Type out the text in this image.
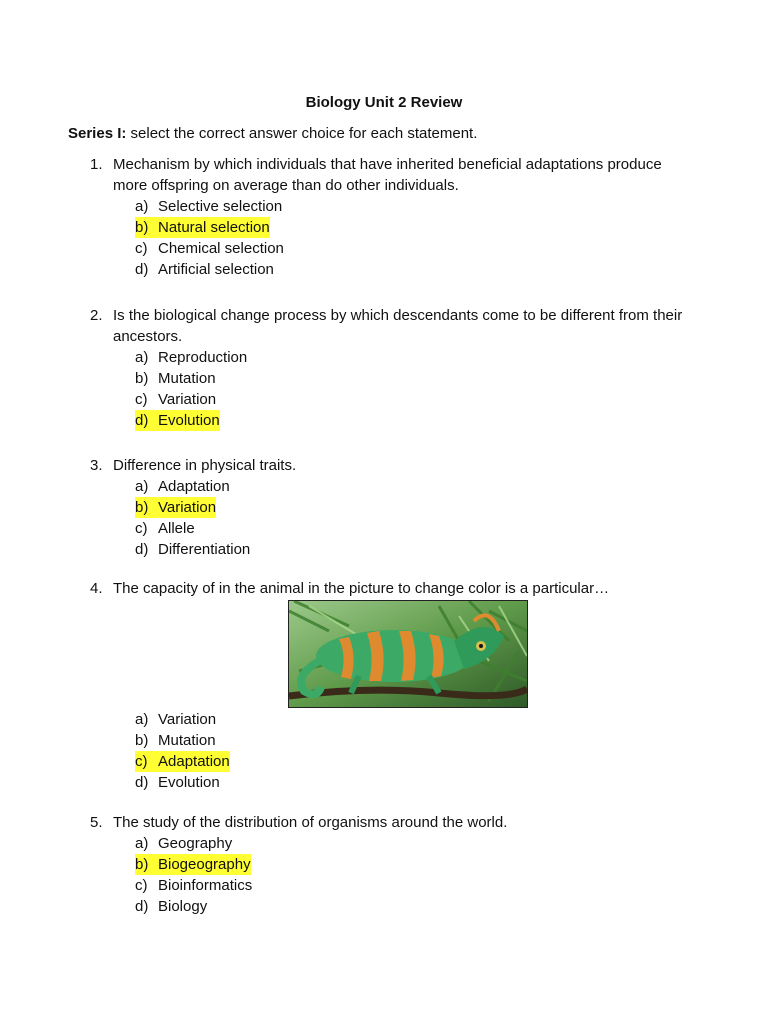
Biology Unit 2 Review
Series I: select the correct answer choice for each statement.
1. Mechanism by which individuals that have inherited beneficial adaptations produce more offspring on average than do other individuals.
a) Selective selection
b) Natural selection
c) Chemical selection
d) Artificial selection
2. Is the biological change process by which descendants come to be different from their ancestors.
a) Reproduction
b) Mutation
c) Variation
d) Evolution
3. Difference in physical traits.
a) Adaptation
b) Variation
c) Allele
d) Differentiation
4. The capacity of in the animal in the picture to change color is a particular…
a) Variation
b) Mutation
c) Adaptation
d) Evolution
5. The study of the distribution of organisms around the world.
a) Geography
b) Biogeography
c) Bioinformatics
d) Biology
